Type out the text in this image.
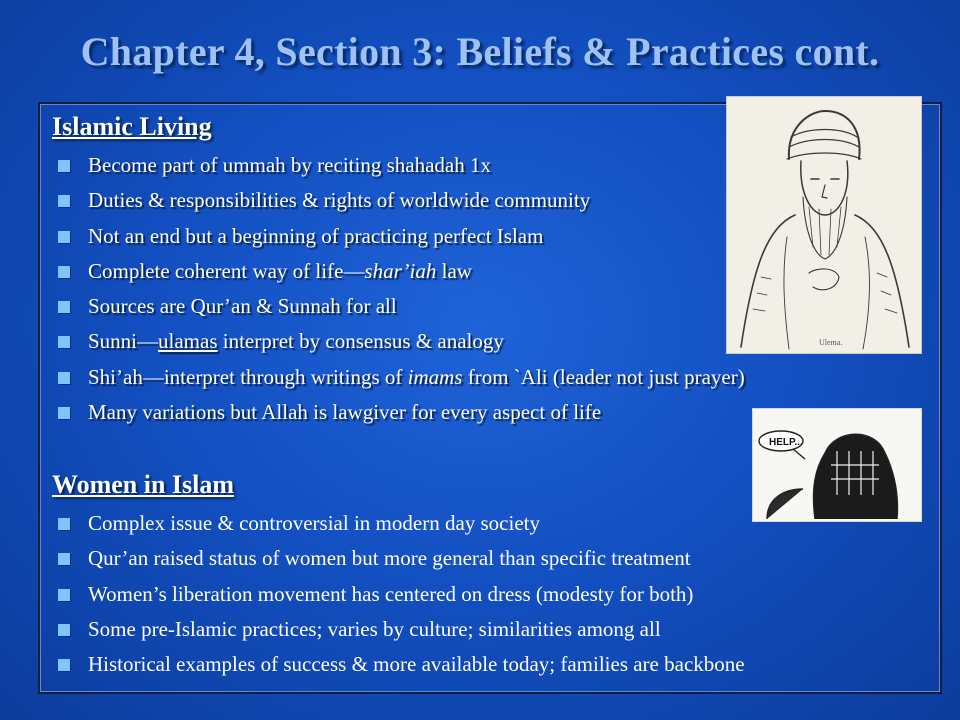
Chapter 4, Section 3: Beliefs & Practices cont.
Islamic Living
Become part of ummah by reciting shahadah 1x
Duties & responsibilities & rights of worldwide community
Not an end but a beginning of practicing perfect Islam
Complete coherent way of life—shar’iah law
Sources are Qur’an & Sunnah for all
Sunni—ulamas interpret by consensus & analogy
Shi’ah—interpret through writings of imams from `Ali (leader not just prayer)
Many variations but Allah is lawgiver for every aspect of life
Women in Islam
Complex issue & controversial in modern day society
Qur’an raised status of women but more general than specific treatment
Women’s liberation movement has centered on dress (modesty for both)
Some pre-Islamic practices; varies by culture; similarities among all
Historical examples of success & more available today; families are backbone
Ulema.
HELP...
